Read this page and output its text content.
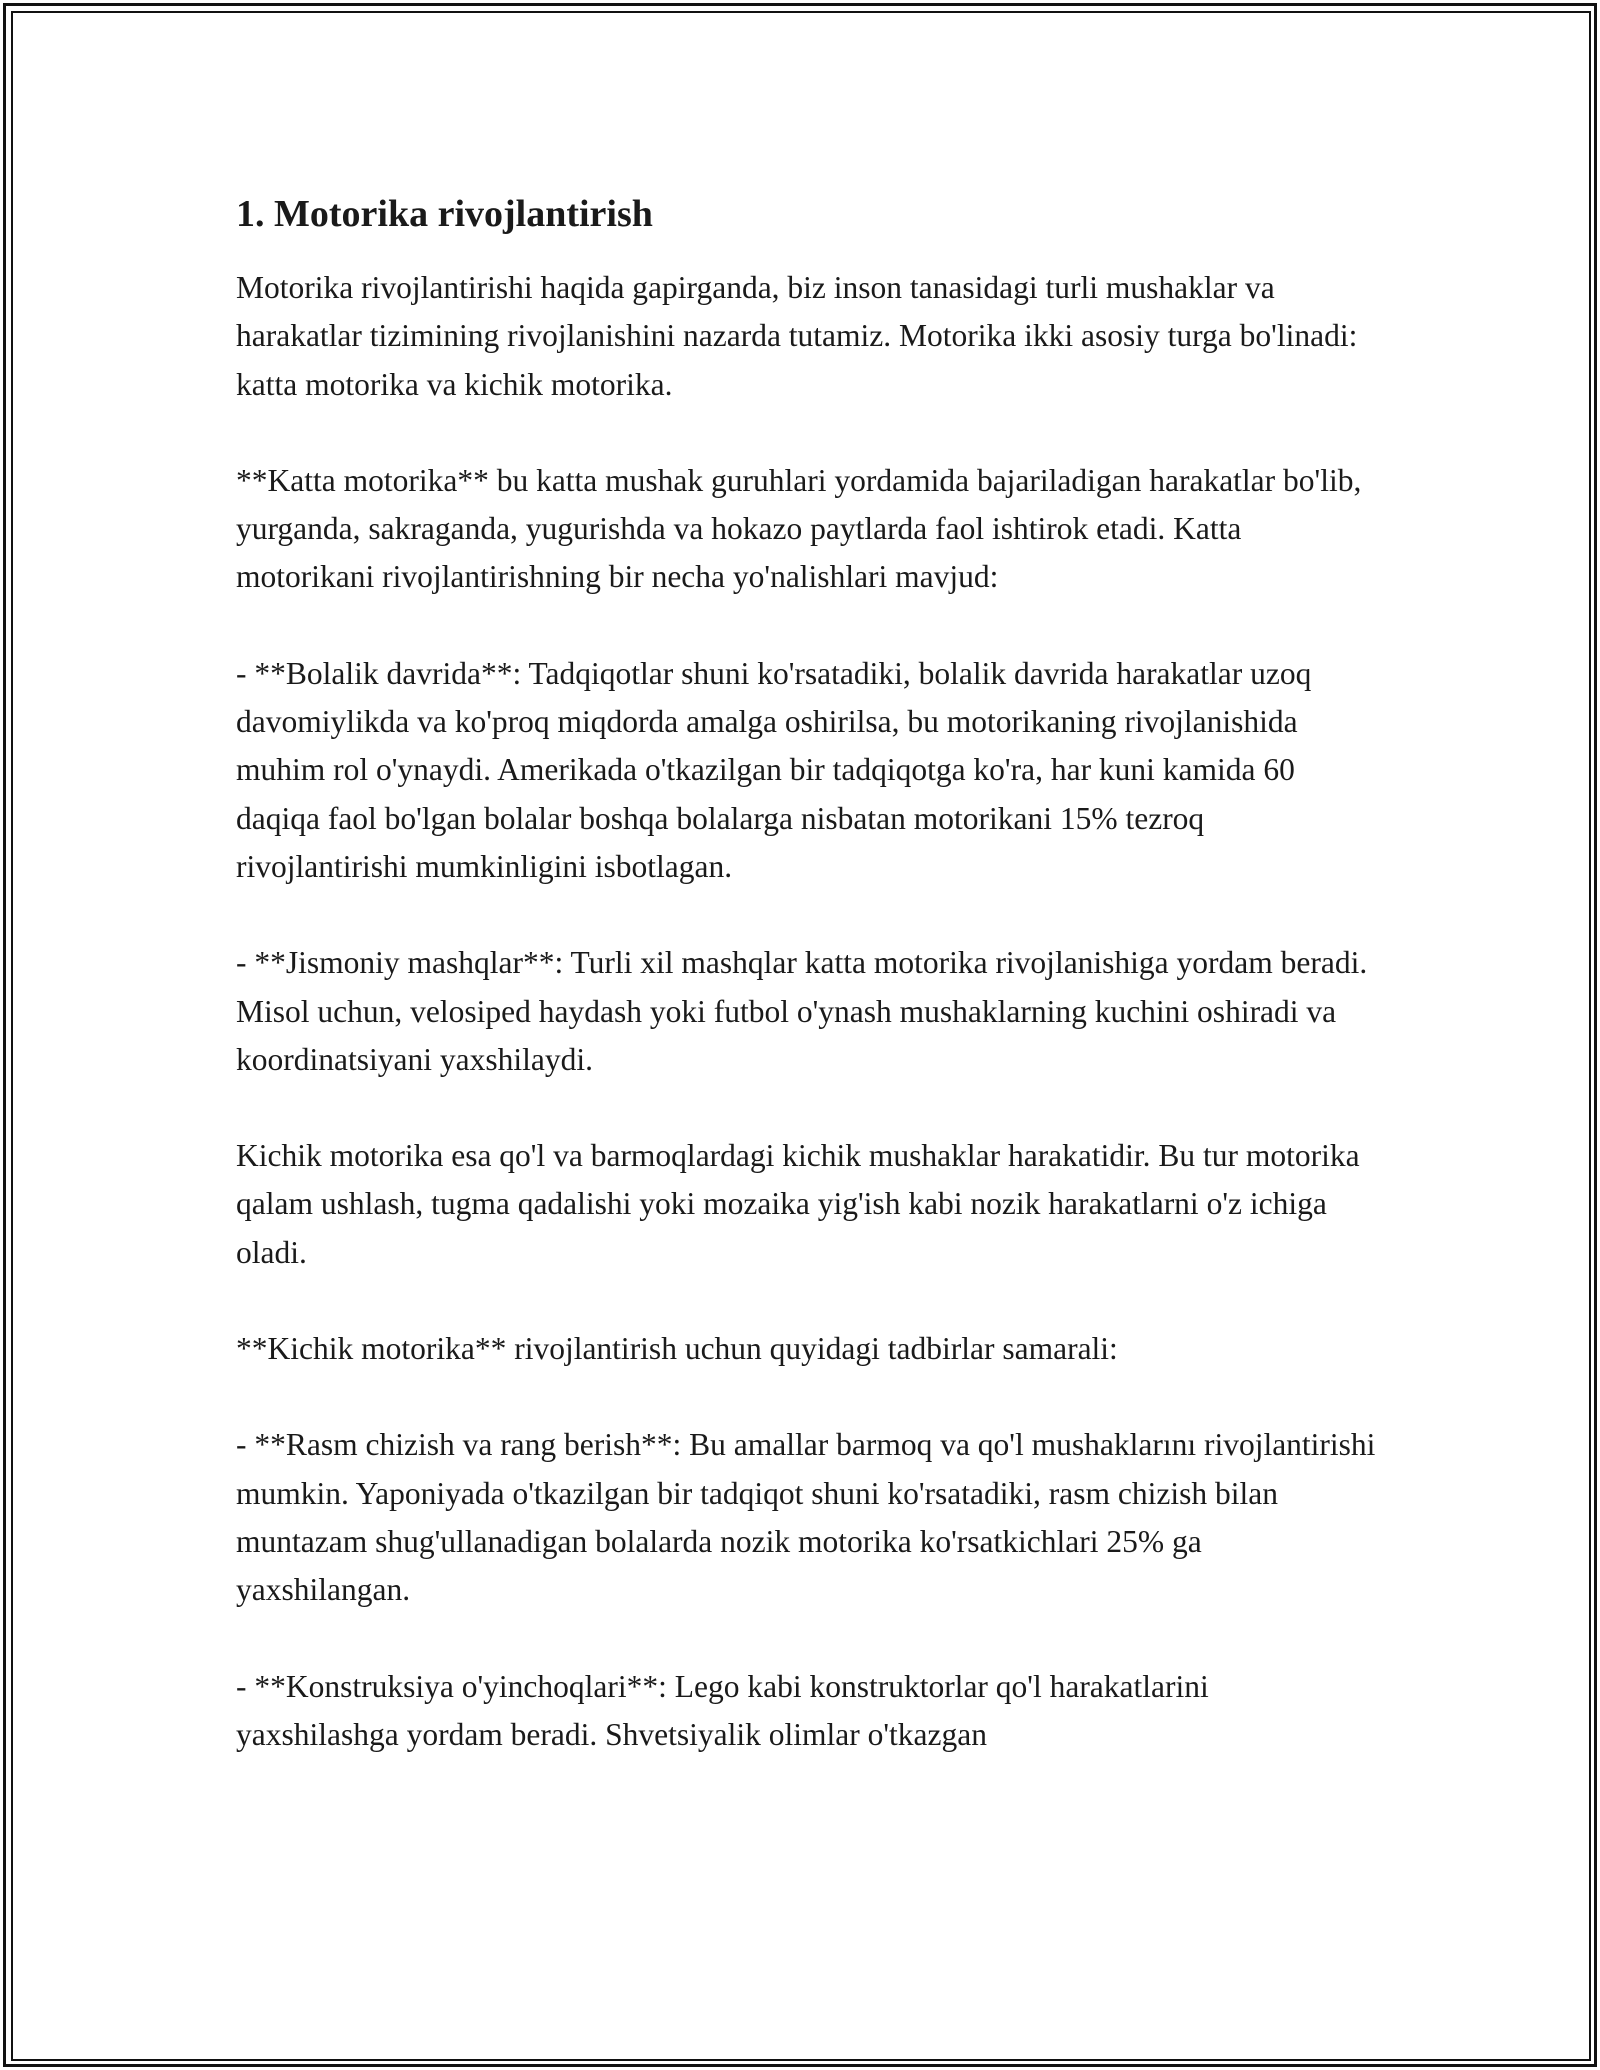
1. Motorika rivojlantirish

Motorika rivojlantirishi haqida gapirganda, biz inson tanasidagi turli mushaklar va harakatlar tizimining rivojlanishini nazarda tutamiz. Motorika ikki asosiy turga bo'linadi: katta motorika va kichik motorika.

**Katta motorika** bu katta mushak guruhlari yordamida bajariladigan harakatlar bo'lib, yurganda, sakraganda, yugurishda va hokazo paytlarda faol ishtirok etadi. Katta motorikani rivojlantirishning bir necha yo'nalishlari mavjud:

- **Bolalik davrida**: Tadqiqotlar shuni ko'rsatadiki, bolalik davrida harakatlar uzoq davomiylikda va ko'proq miqdorda amalga oshirilsa, bu motorikaning rivojlanishida muhim rol o'ynaydi. Amerikada o'tkazilgan bir tadqiqotga ko'ra, har kuni kamida 60 daqiqa faol bo'lgan bolalar boshqa bolalarga nisbatan motorikani 15% tezroq rivojlantirishi mumkinligini isbotlagan.

- **Jismoniy mashqlar**: Turli xil mashqlar katta motorika rivojlanishiga yordam beradi. Misol uchun, velosiped haydash yoki futbol o'ynash mushaklarning kuchini oshiradi va koordinatsiyani yaxshilaydi.

Kichik motorika esa qo'l va barmoqlardagi kichik mushaklar harakatidir. Bu tur motorika qalam ushlash, tugma qadalishi yoki mozaika yig'ish kabi nozik harakatlarni o'z ichiga oladi.

**Kichik motorika** rivojlantirish uchun quyidagi tadbirlar samarali:

- **Rasm chizish va rang berish**: Bu amallar barmoq va qo'l mushaklarını rivojlantirishi mumkin. Yaponiyada o'tkazilgan bir tadqiqot shuni ko'rsatadiki, rasm chizish bilan muntazam shug'ullanadigan bolalarda nozik motorika ko'rsatkichlari 25% ga yaxshilangan.

- **Konstruksiya o'yinchoqlari**: Lego kabi konstruktorlar qo'l harakatlarini yaxshilashga yordam beradi. Shvetsiyalik olimlar o'tkazgan
